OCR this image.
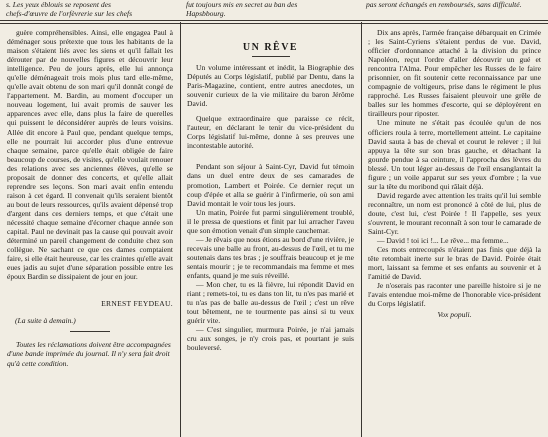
s. Les yeux éblouis se reposent des
chefs-d'œuvre de l'orfèvrerie sur les chefs
fut toujours mis en secret au ban des
Hapsbbourg.
pas seront échangés en remboursés, sans difficulté.

guère compréhensibles. Ainsi, elle engagea Paul à déménager sous prétexte que tous les habitants de la maison s'étaient liés avec les siens et qu'il fallait les dérouter par de nouvelles figures et découvrir leur intelligence. Peu de jours après, elle lui annonça qu'elle déménageait trois mois plus tard elle-même, qu'elle avait obtenu de son mari qu'il donnât congé de l'appartement. M. Bardin, au moment d'occuper un nouveau logement, lui avait promis de sauver les apparences avec elle, dans plus la faire de querelles qui puissent le déconsidérer auprès de leurs voisins. Allée dit encore à Paul que, pendant quelque temps, elle ne pourrait lui accorder plus d'une entrevue chaque semaine, parce qu'elle était obligée de faire beaucoup de courses, de visites, qu'elle voulait renouer des relations avec ses anciennes élèves, qu'elle se proposait de donner des concerts, et qu'elle allait reprendre ses leçons. Son mari avait enfin entendu raison à cet égard. Il convenait qu'ils seraient bientôt au bout de leurs ressources, qu'ils avaient dépensé trop d'argent dans ces derniers temps, et que c'était une nécessité chaque semaine d'écorner chaque année son capital. Paul ne devinait pas la cause qui pouvait avoir déterminé un pareil changement de conduite chez son collègue. Ne sachant ce que ces dames comptaient faire, si elle était heureuse, car les craintes qu'elle avait eues jadis au sujet d'une séparation possible entre les époux Bardin se dissipaient de jour en jour.

ERNEST FEYDEAU.

(La suite à demain.)

Toutes les réclamations doivent être accompagnées d'une bande imprimée du journal. Il n'y sera fait droit qu'à cette condition.

UN RÊVE

Un volume intéressant et inédit, la Biographie des Députés au Corps législatif, publié par Dentu, dans la Paris-Magazine, contient, entre autres anecdotes, un souvenir curieux de la vie militaire du baron Jérôme David.

Quelque extraordinaire que paraisse ce récit, l'auteur, en déclarant le tenir du vice-président du Corps législatif lui-même, donne à ses preuves une incontestable autorité.

Pendant son séjour à Saint-Cyr, David fut témoin dans un duel entre deux de ses camarades de promotion, Lambert et Poirée. Ce dernier reçut un coup d'épée et alla se guérir à l'infirmerie, où son ami David montait le voir tous les jours.

Un matin, Poirée fut parmi singulièrement troublé, il le pressa de questions et finit par lui arracher l'aveu que son émotion venait d'un simple cauchemar.

— Je rêvais que nous étions au bord d'une rivière, je recevais une balle au front, au-dessus de l'œil, et tu me soutenais dans tes bras ; je souffrais beaucoup et je me sentais mourir ; je te recommandais ma femme et mes enfants, quand je me suis réveillé.

— Mon cher, tu es là fièvre, lui répondit David en riant ; remets-toi, tu es dans ton lit, tu n'es pas marié et tu n'as pas de balle au-dessus de l'œil ; c'est un rêve tout bêtement, ne te tourmente pas ainsi si tu veux guérir vite.

— C'est singulier, murmura Poirée, je n'ai jamais cru aux songes, je n'y crois pas, et pourtant je suis bouleversé.

Dix ans après, l'armée française débarquait en Crimée ; les Saint-Cyriens s'étaient perdus de vue. David, officier d'ordonnance attaché à la division du prince Napoléon, reçut l'ordre d'aller découvrir un gué et rencontra l'Alma. Pour empêcher les Russes de le faire prisonnier, on fit soutenir cette reconnaissance par une compagnie de voltigeurs, prise dans le régiment le plus rapproché. Les Russes faisaient pleuvoir une grêle de balles sur les hommes d'escorte, qui se déployèrent en tirailleurs pour riposter.

Une minute ne s'était pas écoulée qu'un de nos officiers roula à terre, mortellement atteint. Le capitaine David sauta à bas de cheval et courut le relever ; il lui appuya la tête sur son bras gauche, et détachant la gourde pendue à sa ceinture, il l'approcha des lèvres du blessé. Un tout léger au-dessus de l'œil ensanglantait la figure ; un voile apparut sur ses yeux d'ombre ; la vue sur la tête du moribond qui râlait déjà.

David regarde avec attention les traits qu'il lui semble reconnaître, un nom est prononcé à côté de lui, plus de doute, c'est lui, c'est Poirée ! Il l'appelle, ses yeux s'ouvrent, le mourant reconnaît à son tour le camarade de Saint-Cyr.

— David ! toi ici !... Le rêve... ma femme...

Ces mots entrecoupés n'étaient pas finis que déjà la tête retombait inerte sur le bras de David. Poirée était mort, laissant sa femme et ses enfants au souvenir et à l'amitié de David.

Je n'oserais pas raconter une pareille histoire si je ne l'avais entendue moi-même de l'honorable vice-président du Corps législatif.

Vox populi.
